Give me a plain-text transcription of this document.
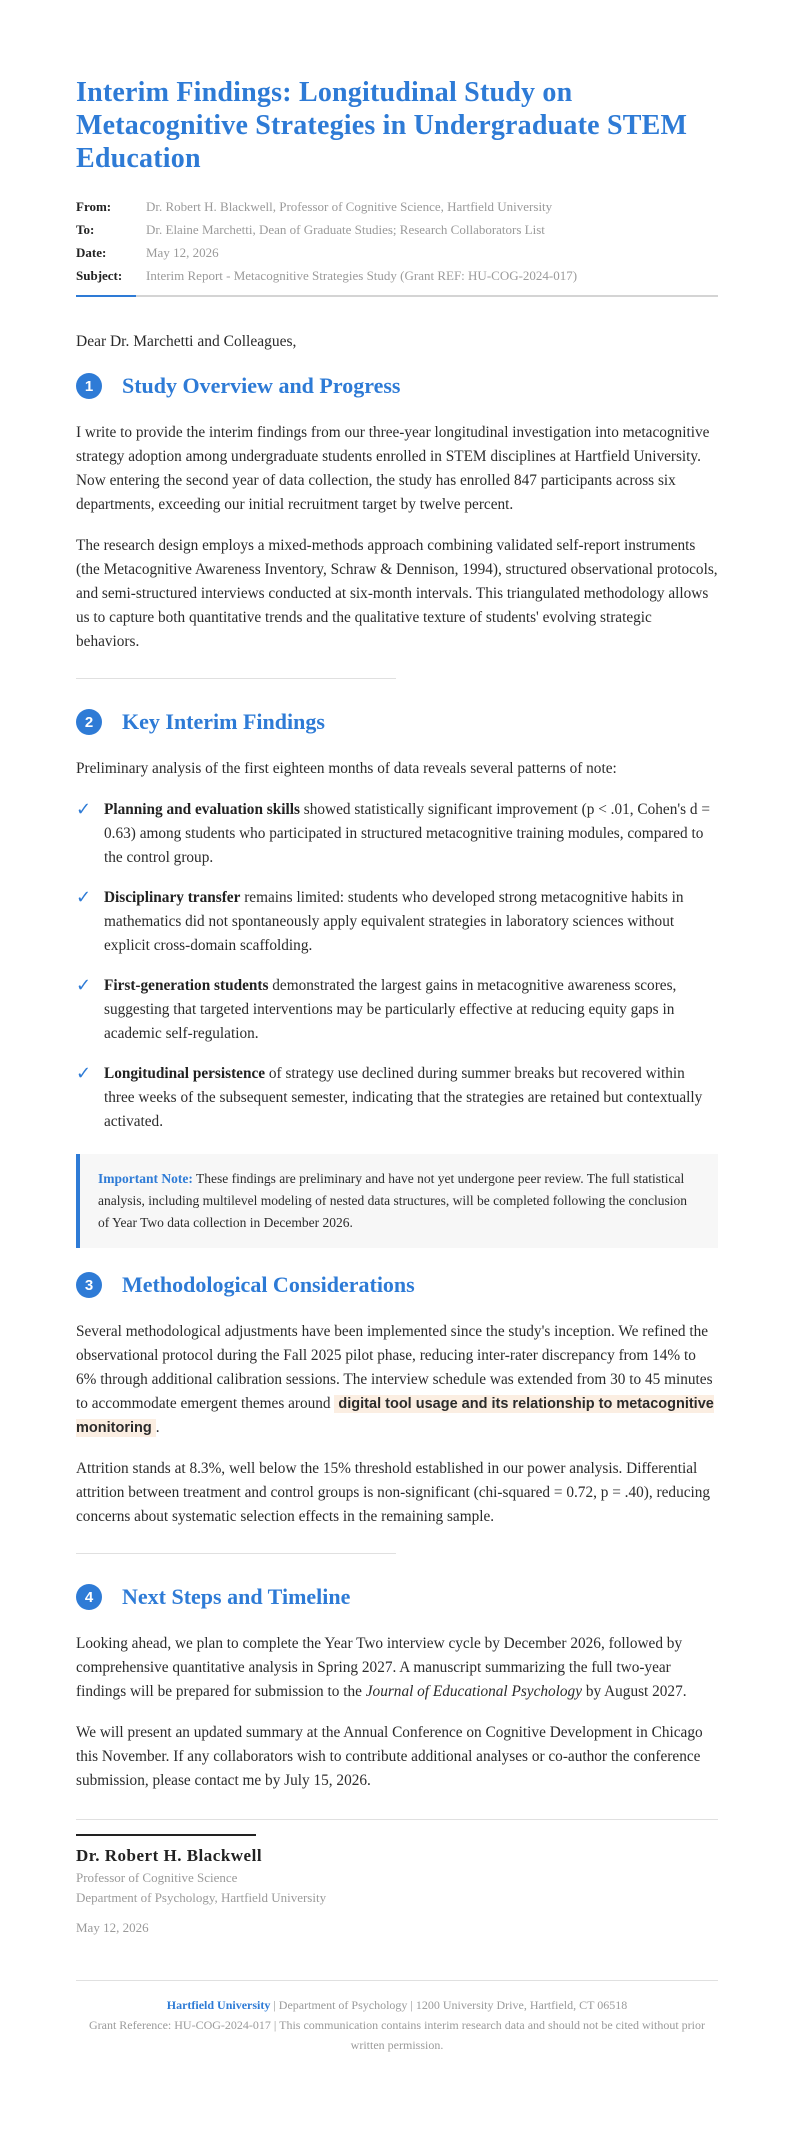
Interim Findings: Longitudinal Study on Metacognitive Strategies in Undergraduate STEM Education
From:	Dr. Robert H. Blackwell, Professor of Cognitive Science, Hartfield University
To:	Dr. Elaine Marchetti, Dean of Graduate Studies; Research Collaborators List
Date:	May 12, 2026
Subject:	Interim Report - Metacognitive Strategies Study (Grant REF: HU-COG-2024-017)

Dear Dr. Marchetti and Colleagues,

1	Study Overview and Progress

I write to provide the interim findings from our three-year longitudinal investigation into metacognitive strategy adoption among undergraduate students enrolled in STEM disciplines at Hartfield University. Now entering the second year of data collection, the study has enrolled 847 participants across six departments, exceeding our initial recruitment target by twelve percent.

The research design employs a mixed-methods approach combining validated self-report instruments (the Metacognitive Awareness Inventory, Schraw & Dennison, 1994), structured observational protocols, and semi-structured interviews conducted at six-month intervals. This triangulated methodology allows us to capture both quantitative trends and the qualitative texture of students' evolving strategic behaviors.

2	Key Interim Findings

Preliminary analysis of the first eighteen months of data reveals several patterns of note:

✓ Planning and evaluation skills showed statistically significant improvement (p < .01, Cohen's d = 0.63) among students who participated in structured metacognitive training modules, compared to the control group.
✓ Disciplinary transfer remains limited: students who developed strong metacognitive habits in mathematics did not spontaneously apply equivalent strategies in laboratory sciences without explicit cross-domain scaffolding.
✓ First-generation students demonstrated the largest gains in metacognitive awareness scores, suggesting that targeted interventions may be particularly effective at reducing equity gaps in academic self-regulation.
✓ Longitudinal persistence of strategy use declined during summer breaks but recovered within three weeks of the subsequent semester, indicating that the strategies are retained but contextually activated.
Important Note: These findings are preliminary and have not yet undergone peer review. The full statistical analysis, including multilevel modeling of nested data structures, will be completed following the conclusion of Year Two data collection in December 2026.
3	Methodological Considerations

Several methodological adjustments have been implemented since the study's inception. We refined the observational protocol during the Fall 2025 pilot phase, reducing inter-rater discrepancy from 14% to 6% through additional calibration sessions. The interview schedule was extended from 30 to 45 minutes to accommodate emergent themes around digital tool usage and its relationship to metacognitive monitoring .

Attrition stands at 8.3%, well below the 15% threshold established in our power analysis. Differential attrition between treatment and control groups is non-significant (chi-squared = 0.72, p = .40), reducing concerns about systematic selection effects in the remaining sample.

4	Next Steps and Timeline

Looking ahead, we plan to complete the Year Two interview cycle by December 2026, followed by comprehensive quantitative analysis in Spring 2027. A manuscript summarizing the full two-year findings will be prepared for submission to the Journal of Educational Psychology by August 2027.

We will present an updated summary at the Annual Conference on Cognitive Development in Chicago this November. If any collaborators wish to contribute additional analyses or co-author the conference submission, please contact me by July 15, 2026.

Dr. Robert H. Blackwell
Professor of Cognitive Science
Department of Psychology, Hartfield University
May 12, 2026
Hartfield University | Department of Psychology | 1200 University Drive, Hartfield, CT 06518
Grant Reference: HU-COG-2024-017 | This communication contains interim research data and should not be cited without prior written permission.
